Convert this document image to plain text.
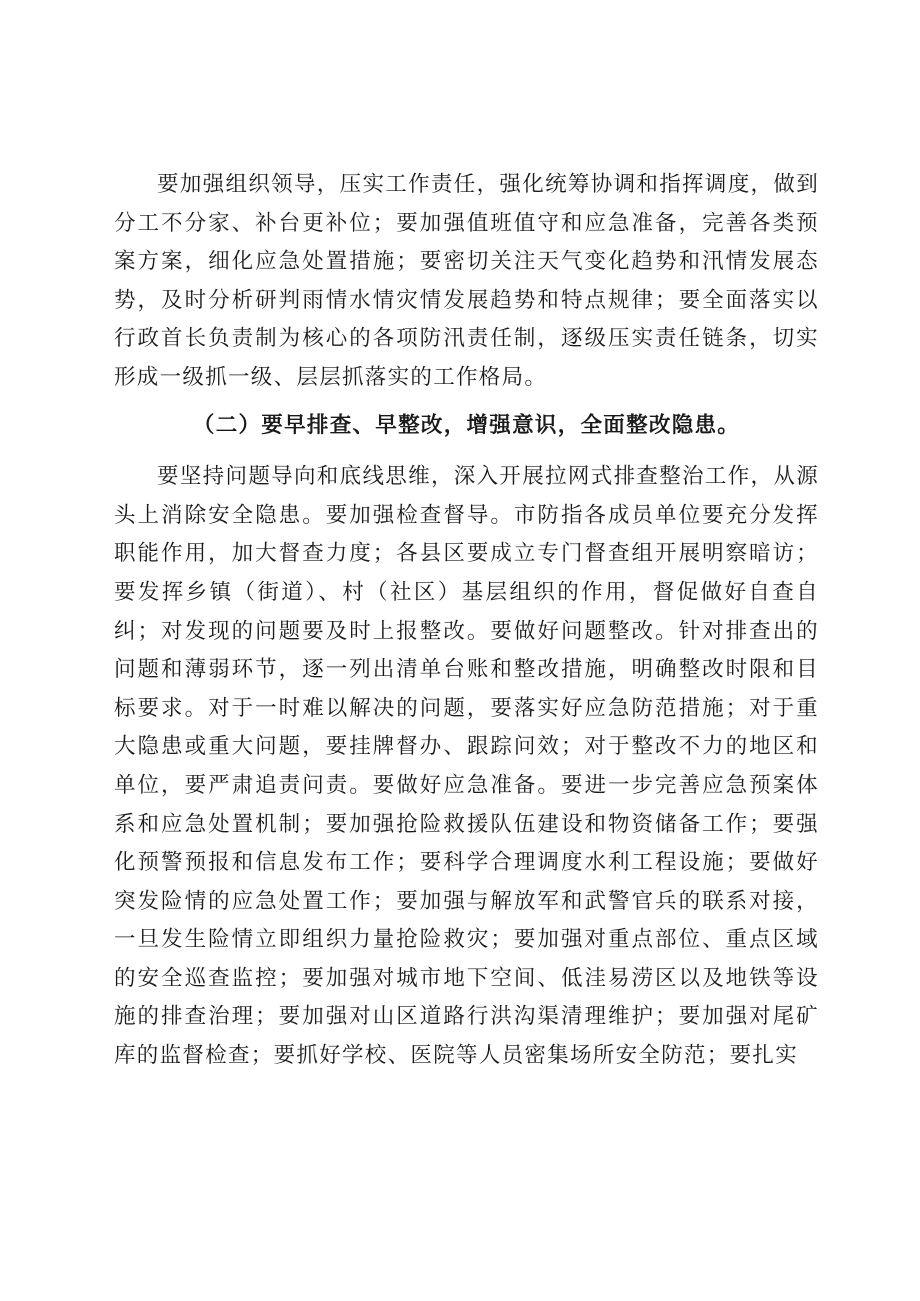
要加强组织领导，压实工作责任，强化统筹协调和指挥调度，做到分工不分家、补台更补位；要加强值班值守和应急准备，完善各类预案方案，细化应急处置措施；要密切关注天气变化趋势和汛情发展态势，及时分析研判雨情水情灾情发展趋势和特点规律；要全面落实以行政首长负责制为核心的各项防汛责任制，逐级压实责任链条，切实形成一级抓一级、层层抓落实的工作格局。

（二）要早排查、早整改，增强意识，全面整改隐患。

要坚持问题导向和底线思维，深入开展拉网式排查整治工作，从源头上消除安全隐患。要加强检查督导。市防指各成员单位要充分发挥职能作用，加大督查力度；各县区要成立专门督查组开展明察暗访；要发挥乡镇（街道）、村（社区）基层组织的作用，督促做好自查自纠；对发现的问题要及时上报整改。要做好问题整改。针对排查出的问题和薄弱环节，逐一列出清单台账和整改措施，明确整改时限和目标要求。对于一时难以解决的问题，要落实好应急防范措施；对于重大隐患或重大问题，要挂牌督办、跟踪问效；对于整改不力的地区和单位，要严肃追责问责。要做好应急准备。要进一步完善应急预案体系和应急处置机制；要加强抢险救援队伍建设和物资储备工作；要强化预警预报和信息发布工作；要科学合理调度水利工程设施；要做好突发险情的应急处置工作；要加强与解放军和武警官兵的联系对接，一旦发生险情立即组织力量抢险救灾；要加强对重点部位、重点区域的安全巡查监控；要加强对城市地下空间、低洼易涝区以及地铁等设施的排查治理；要加强对山区道路行洪沟渠清理维护；要加强对尾矿库的监督检查；要抓好学校、医院等人员密集场所安全防范；要扎实
